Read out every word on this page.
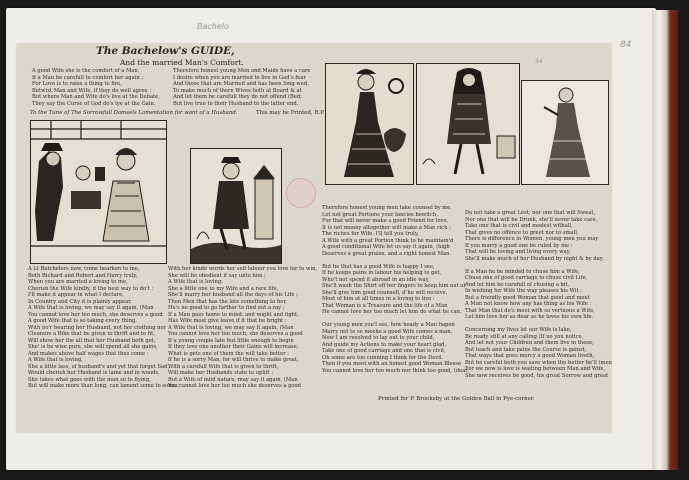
Bachelo
84
34
The Bachelow's GUIDE,
And the married Man's Comfort.
A good Wife she is the comfort of a Man,
If a Man be carefull to comfort her again ;
For Love is to raise a thing to fire,
Betwixt Man and Wife, if they do well agree :
But where Man and Wife do's live at the Debate,
They say the Curse of God do's lye at the Gate.
Therefore honest young Men and Maids have a care
I desire when you are married to live in God's fear
And those that are Married and has been long wed,
To make much of there Wives both at Board & at
And let them be carefull they do not offend (Bed;
But live true to their Husband to the latter end.
To the Tune of The Sorrowfull Damsels Lamentation for want of a Husband.	This may be Printed, R.P.
A Lt Batchelors now, come hearken to me,
Both Richard and Robert and Harry truly,
When you are married a loving to me,
Cherish the Wife kindly, it the best way to do't ;
I'll make it appear in what I declare,
In Country and City it is plainly appear,
A Wife that is loving, we may say it again, (Man
You cannot love her too much, she deserves a good
A good Wife that is so taking every thing,
With no'r bearing her Husband, not her clothing nor
Cleaners a Bike that be given to thrift and to fit,
Will show her the all that her Husband both get,
She' is be wise pure, she will spend all she gains,
And makes above half wages that thus come :
A Wife that is loving,
She a little lass, of husband's and yet that forget Sad,
Would cherish her Husband is lame and in woods,
She takes what goes with the man so to flying,
But will make more than long, can lament some to some ;
With her kinde words her self labour you love far to win,
She will be obedient if say unto him ;
A Wife that is loving,
She a little one to my Wife and a rare life,
She'll marry her husband all the days of his Life ;
Then Men that has the late something to her,
He's no good to go farther to find out a ray ;
If a Man goes home to mind, and might and fight,
Has Wife most give leave if it that be bright :
A Wife that is loving, we may say it again, (Man
You cannot love her too much, she deserves a good
If a young couple late but little enough to begin
If they love one another their Gains will increase,
What is gets one of them the will take better :
If he is a sorry Man, for will thrive to make great,
With a carefull Wife that is given to thrift,
Will make her Husbands state to uplift :
But a Wife of mild nature, may say it again, (Man
You cannot love her too much she deserves a good
Therefore honest young men take counsel by me,
Let not great Portions your fancies bewitch,
For that will never make a good Friend for love,
It is not money altogether will make a Man rich ;
The riches for Wife, I'll tell you truly,
A Wife with a great Portion think to be maintain'd
A good conditional Wife let us say it again, (high
Deserves a great praise, and a right honest Man.

But he that has a good Wife is happy I see,
If he keeps pains in labour his helping to get,
Who't not spend it abroad in an idle way,
She'll wash the Shirt off her fingers to keep him out of
She'll give him good counsell, if he will receive,
Most of him at all times in a loving to live :
That Woman is a Treasure and the life of a Man
He cannot love her too much let him do what he can.

Our young men you'l see, how heady a Man hapen
Marry not to se meeke a good Wife comes a man,
Now I am resolved to lay out to your child,
And guide my Actions to make your heart glad,
Take one of good carriage and one that is civil,
Oh some are too cunning I think for the Devil.
Then if you meet with an honest good Woman Blesse
You cannot love her too much nor think too good, (dear.
Do not take a great Lest, nor one that will Sweat,
Nor one that will be Drunk, she'll never take care,
Take one that is civil and modest withall,
That gives no offence to greet nor to small,
There is difference in Women, young men you may
If you marry a good one be ruled by me :
That will be loving and living every way,
She'll make much of her Husband by night & by day.

If a Man he be minded to chuse him a Wife,
Chuse one of good carriage to chuse civil Life,
And let him be carefull of chusing a bit,
In wishing for Wife the way pleases his Wit ;
But a friendly good Woman that good and meet
A Man not know how any has thing as his Wife :
That Man that do's meet with so vertuous a Wife,
Let him love her as dear as he loves his own life.

Concerning my lives let our Wife is lake,
Be ready still at any calling (If no you notice,
And let not your Children and them live in these,
But teach and take pains the Course is gainst,
That ways that goes mercy a good Woman liveth,
But be careful both you save when the better be'll (men
For we now is love is waiting between Man and Wife,
She now receives be good, his great Sorrow and great
Printed for P. Brooksby at the Golden Ball in Pye-corner.
